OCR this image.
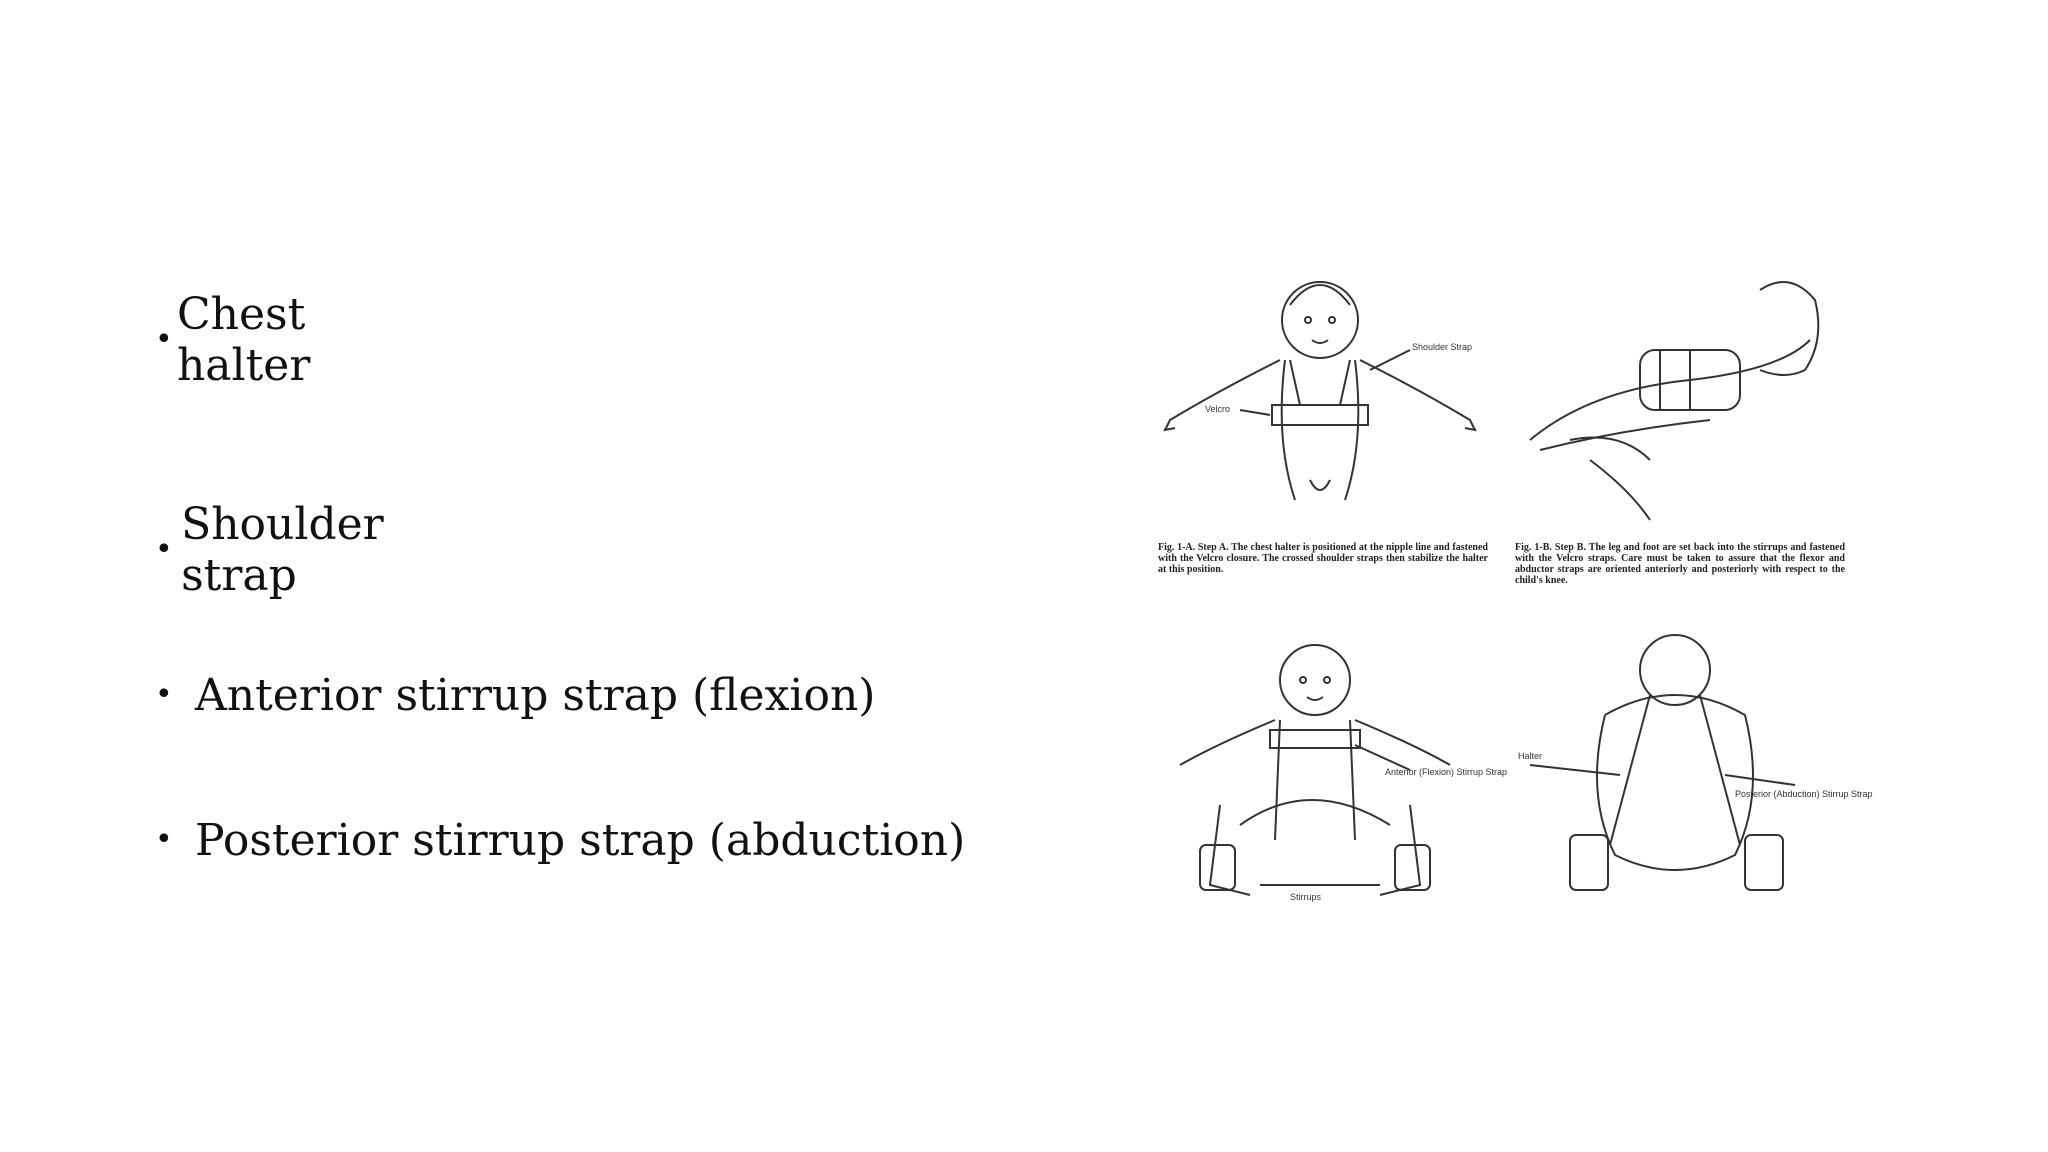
• Chest halter
• Shoulder strap
• Anterior stirrup strap (flexion)
• Posterior stirrup strap (abduction)
Shoulder Strap
Velcro
Fig. 1-A. Step A. The chest halter is positioned at the nipple line and fastened with the Velcro closure. The crossed shoulder straps then stabilize the halter at this position.
Fig. 1-B. Step B. The leg and foot are set back into the stirrups and fastened with the Velcro straps. Care must be taken to assure that the flexor and abductor straps are oriented anteriorly and posteriorly with respect to the child's knee.
Anterior (Flexion) Stirrup Strap
Stirrups
Halter
Posterior (Abduction) Stirrup Strap
